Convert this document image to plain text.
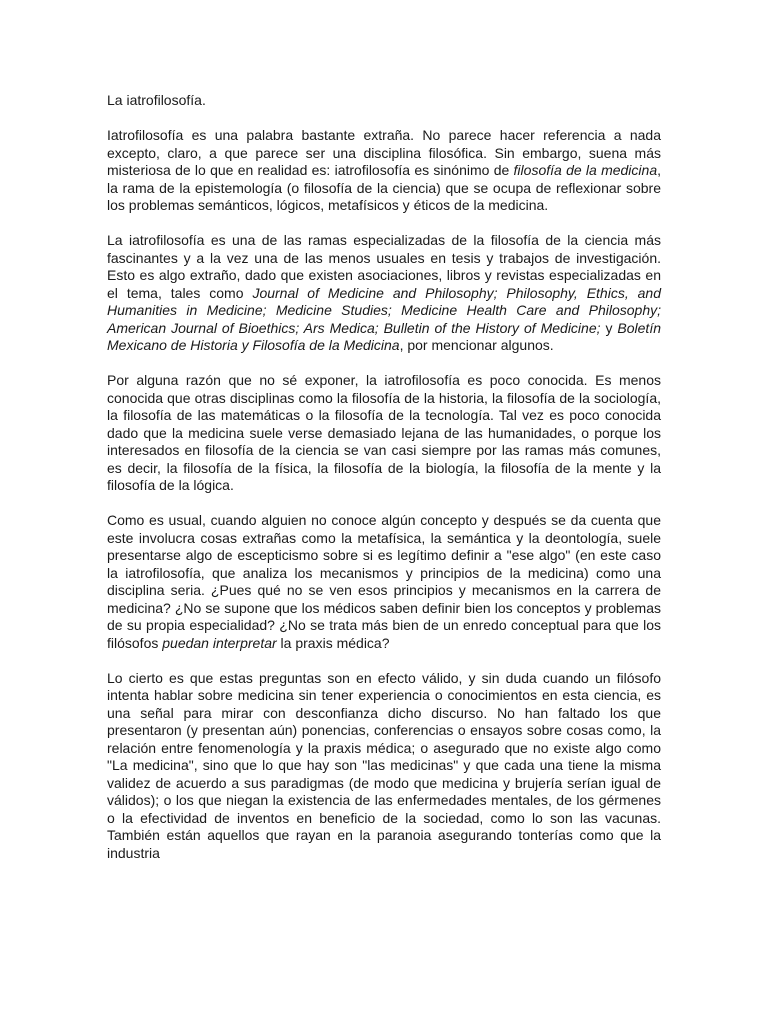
La iatrofilosofía.

Iatrofilosofía es una palabra bastante extraña. No parece hacer referencia a nada excepto, claro, a que parece ser una disciplina filosófica. Sin embargo, suena más misteriosa de lo que en realidad es: iatrofilosofía es sinónimo de filosofía de la medicina, la rama de la epistemología (o filosofía de la ciencia) que se ocupa de reflexionar sobre los problemas semánticos, lógicos, metafísicos y éticos de la medicina.

La iatrofilosofía es una de las ramas especializadas de la filosofía de la ciencia más fascinantes y a la vez una de las menos usuales en tesis y trabajos de investigación. Esto es algo extraño, dado que existen asociaciones, libros y revistas especializadas en el tema, tales como Journal of Medicine and Philosophy; Philosophy, Ethics, and Humanities in Medicine; Medicine Studies; Medicine Health Care and Philosophy; American Journal of Bioethics; Ars Medica; Bulletin of the History of Medicine; y Boletín Mexicano de Historia y Filosofía de la Medicina, por mencionar algunos.

Por alguna razón que no sé exponer, la iatrofilosofía es poco conocida. Es menos conocida que otras disciplinas como la filosofía de la historia, la filosofía de la sociología, la filosofía de las matemáticas o la filosofía de la tecnología. Tal vez es poco conocida dado que la medicina suele verse demasiado lejana de las humanidades, o porque los interesados en filosofía de la ciencia se van casi siempre por las ramas más comunes, es decir, la filosofía de la física, la filosofía de la biología, la filosofía de la mente y la filosofía de la lógica.

Como es usual, cuando alguien no conoce algún concepto y después se da cuenta que este involucra cosas extrañas como la metafísica, la semántica y la deontología, suele presentarse algo de escepticismo sobre si es legítimo definir a "ese algo" (en este caso la iatrofilosofía, que analiza los mecanismos y principios de la medicina) como una disciplina seria. ¿Pues qué no se ven esos principios y mecanismos en la carrera de medicina? ¿No se supone que los médicos saben definir bien los conceptos y problemas de su propia especialidad? ¿No se trata más bien de un enredo conceptual para que los filósofos puedan interpretar la praxis médica?

Lo cierto es que estas preguntas son en efecto válido, y sin duda cuando un filósofo intenta hablar sobre medicina sin tener experiencia o conocimientos en esta ciencia, es una señal para mirar con desconfianza dicho discurso. No han faltado los que presentaron (y presentan aún) ponencias, conferencias o ensayos sobre cosas como, la relación entre fenomenología y la praxis médica; o asegurado que no existe algo como "La medicina", sino que lo que hay son "las medicinas" y que cada una tiene la misma validez de acuerdo a sus paradigmas (de modo que medicina y brujería serían igual de válidos); o los que niegan la existencia de las enfermedades mentales, de los gérmenes o la efectividad de inventos en beneficio de la sociedad, como lo son las vacunas. También están aquellos que rayan en la paranoia asegurando tonterías como que la industria
